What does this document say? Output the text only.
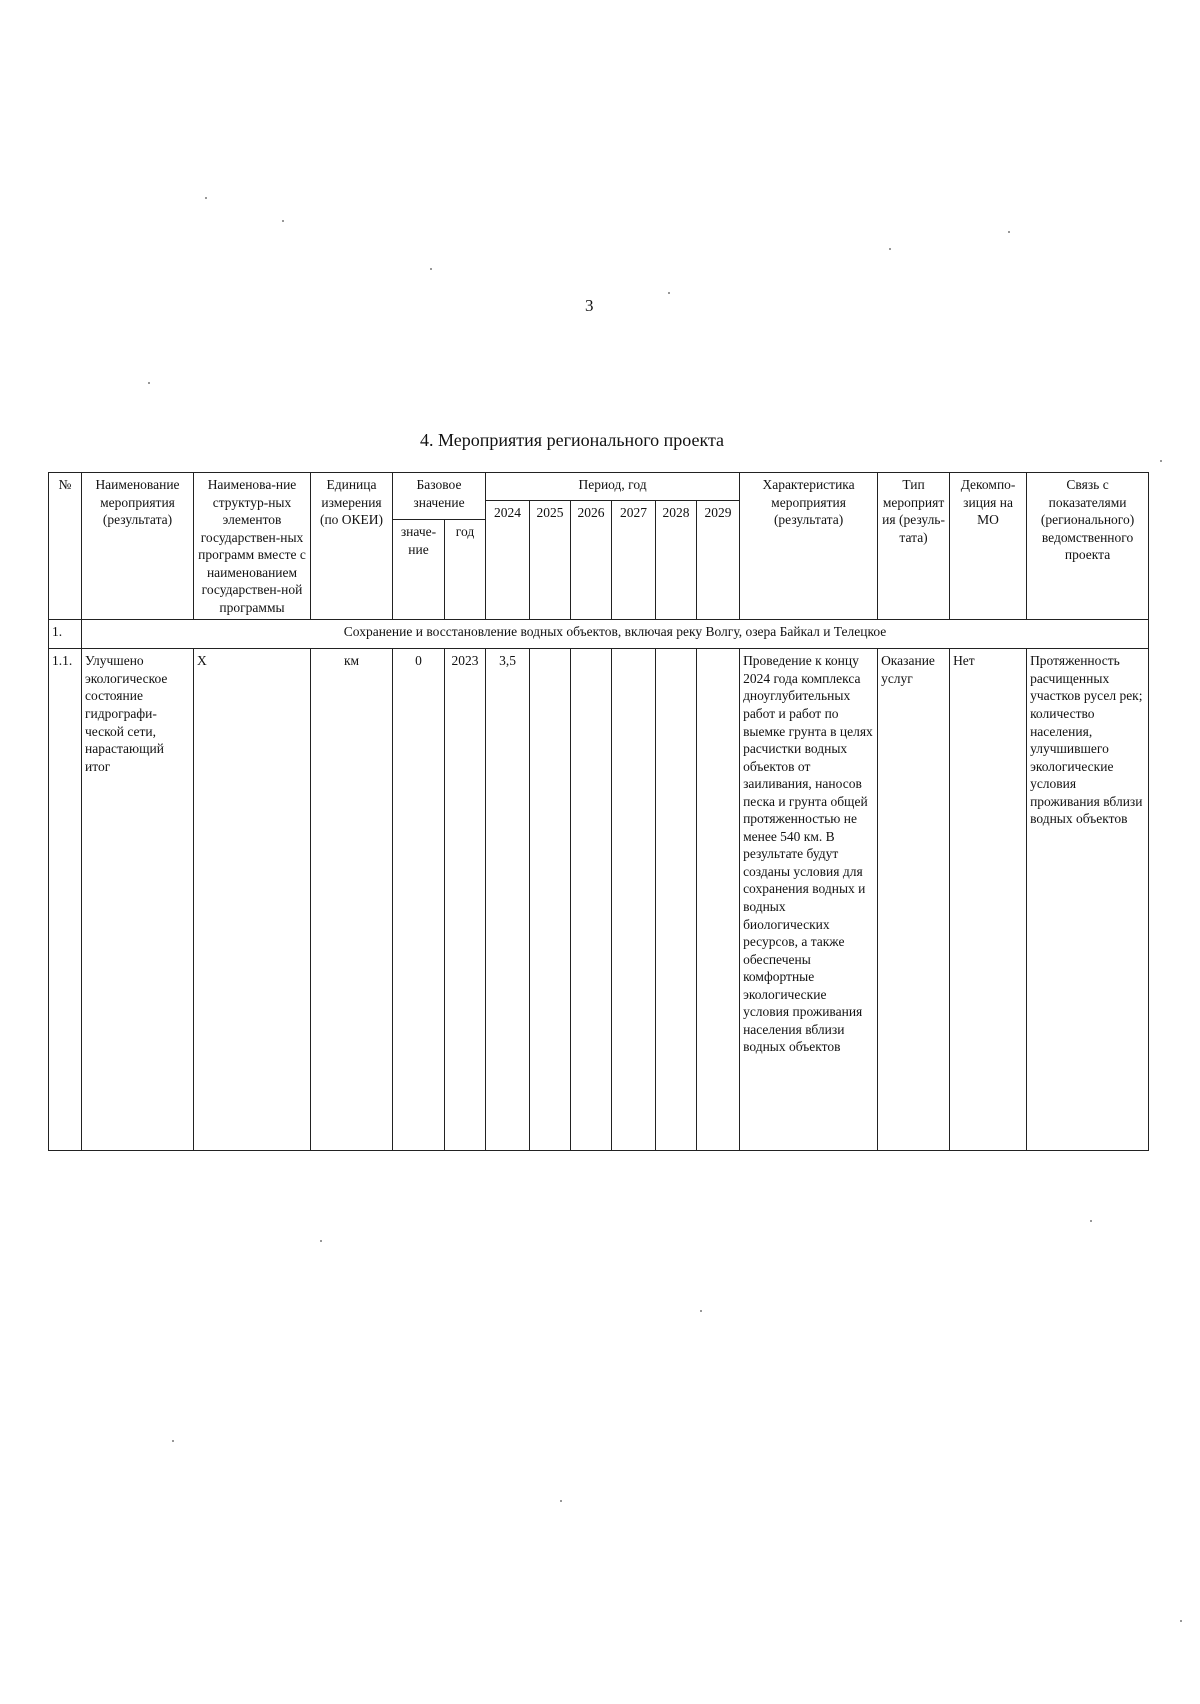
3
4. Мероприятия регионального проекта
№	Наименование мероприятия (результата)	Наименова-ние структур-ных элементов государствен-ных программ вместе с наименованием государствен-ной программы	Единица измерения (по ОКЕИ)	Базовое значение		Период, год						Характеристика мероприятия (результата)	Тип мероприятия (резуль-тата)	Декомпо-зиция на МО	Связь с показателями (регионального) ведомственного проекта
						2024	2025	2026	2027	2028	2029				
				значе-ние	год										
1.	Сохранение и восстановление водных объектов, включая реку Волгу, озера Байкал и Телецкое														
1.1.	Улучшено экологическое состояние гидрографи-ческой сети, нарастающий итог	X	км	0	2023	3,5						Проведение к концу 2024 года комплекса дноуглубительных работ и работ по выемке грунта в целях расчистки водных объектов от заиливания, наносов песка и грунта общей протяженностью не менее 540 км. В результате будут созданы условия для сохранения водных и водных биологических ресурсов, а также обеспечены комфортные экологические условия проживания населения вблизи водных объектов	Оказание услуг	Нет	Протяженность расчищенных участков русел рек; количество населения, улучшившего экологические условия проживания вблизи водных объектов
